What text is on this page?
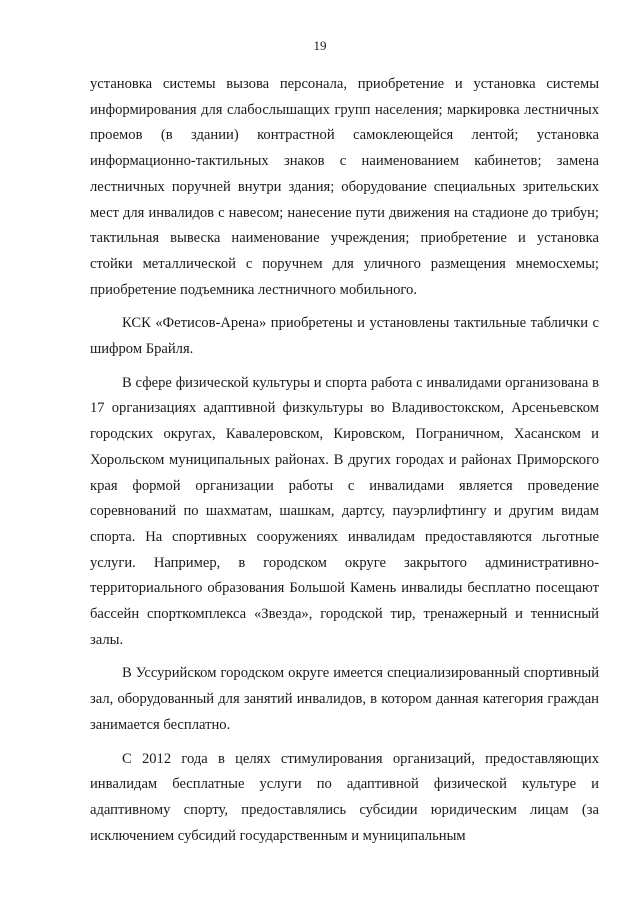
19

установка системы вызова персонала, приобретение и установка системы информирования для слабослышащих групп населения; маркировка лестничных проемов (в здании) контрастной самоклеющейся лентой; установка информационно-тактильных знаков с наименованием кабинетов; замена лестничных поручней внутри здания; оборудование специальных зрительских мест для инвалидов с навесом; нанесение пути движения на стадионе до трибун; тактильная вывеска наименование учреждения; приобретение и установка стойки металлической с поручнем для уличного размещения мнемосхемы; приобретение подъемника лестничного мобильного.

КСК «Фетисов-Арена» приобретены и установлены тактильные таблички с шифром Брайля.

В сфере физической культуры и спорта работа с инвалидами организована в 17 организациях адаптивной физкультуры во Владивостокском, Арсеньевском городских округах, Кавалеровском, Кировском, Пограничном, Хасанском и Хорольском муниципальных районах. В других городах и районах Приморского края формой организации работы с инвалидами является проведение соревнований по шахматам, шашкам, дартсу, пауэрлифтингу и другим видам спорта. На спортивных сооружениях инвалидам предоставляются льготные услуги. Например, в городском округе закрытого административно-территориального образования Большой Камень инвалиды бесплатно посещают бассейн спорткомплекса «Звезда», городской тир, тренажерный и теннисный залы.

В Уссурийском городском округе имеется специализированный спортивный зал, оборудованный для занятий инвалидов, в котором данная категория граждан занимается бесплатно.

С 2012 года в целях стимулирования организаций, предоставляющих инвалидам бесплатные услуги по адаптивной физической культуре и адаптивному спорту, предоставлялись субсидии юридическим лицам (за исключением субсидий государственным и муниципальным
